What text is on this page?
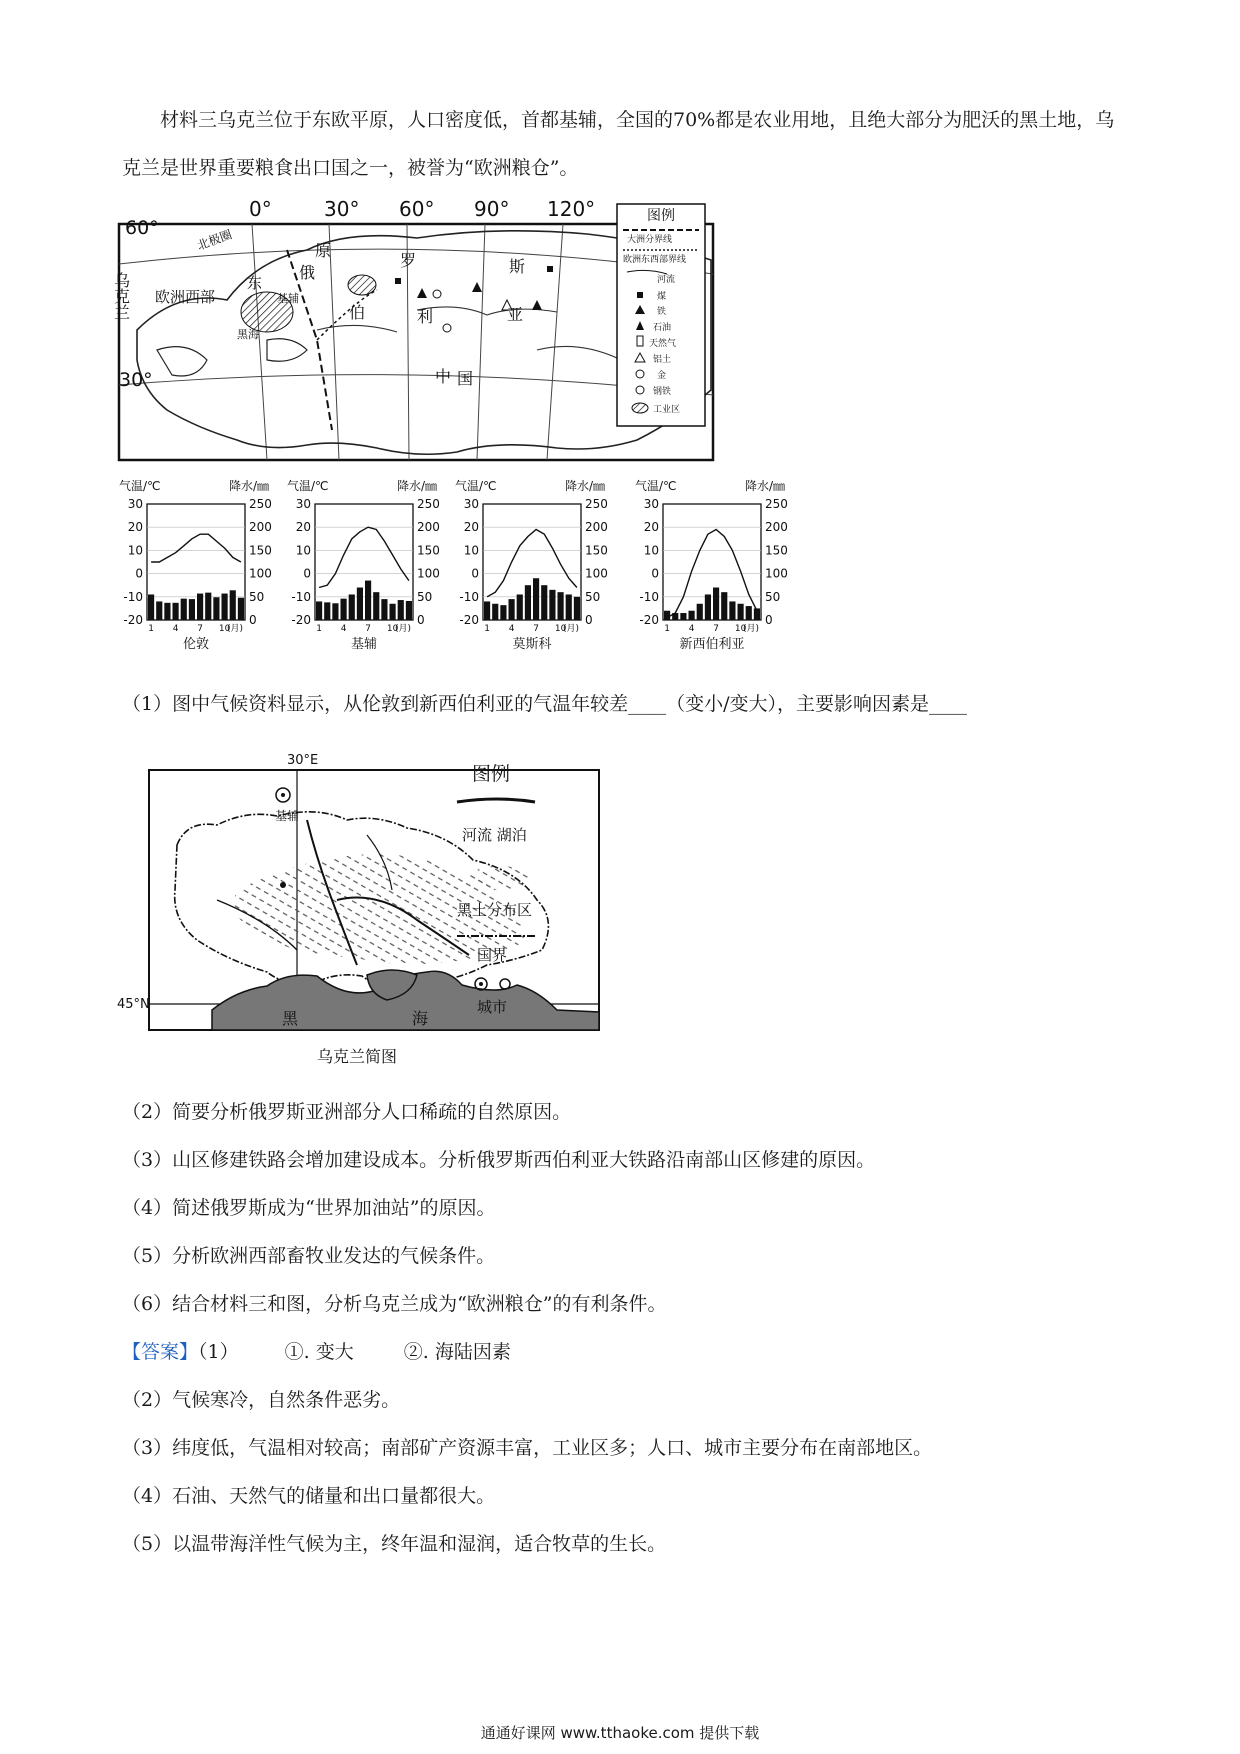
材料三乌克兰位于东欧平原，人口密度低，首都基辅，全国的70%都是农业用地，且绝大部分为肥沃的黑土地，乌克兰是世界重要粮食出口国之一，被誉为“欧洲粮仓”。
0°	30° 60° 90° 120°
60°
30°
北极圈
乌克兰 欧洲西部
东
原
俄
罗	斯
伯	利	亚
中 国
黑海
基辅
图例
大洲分界线
欧洲东西部界线
河流
煤
铁
石油
天然气
铝土
金
钢铁
工业区
气温/℃	降水/㎜
30
20
10
0
-10
-20
250
200
150
100
50
0
1 4 7 10
(月)
伦敦
气温/℃	降水/㎜
30
20
10
0
-10
-20
250
200
150
100
50
0
1 4 7 10
(月)
基辅
气温/℃	降水/㎜
30
20
10
0
-10
-20
250
200
150
100
50
0
1 4 7 10
(月)
莫斯科
气温/℃	降水/㎜
30
20
10
0
-10
-20
250
200
150
100
50
0
1 4 7 10
(月)
新西伯利亚
（1）图中气候资料显示，从伦敦到新西伯利亚的气温年较差____（变小/变大），主要影响因素是____
30°E
45°N
黑	海
基辅
乌克兰简图
图例
河流 湖泊
黑土分布区
国界
城市
（2）简要分析俄罗斯亚洲部分人口稀疏的自然原因。
（3）山区修建铁路会增加建设成本。分析俄罗斯西伯利亚大铁路沿南部山区修建的原因。
（4）简述俄罗斯成为“世界加油站”的原因。
（5）分析欧洲西部畜牧业发达的气候条件。
（6）结合材料三和图，分析乌克兰成为“欧洲粮仓”的有利条件。
【答案】（1） ①. 变大	②. 海陆因素
（2）气候寒冷，自然条件恶劣。
（3）纬度低，气温相对较高；南部矿产资源丰富，工业区多；人口、城市主要分布在南部地区。
（4）石油、天然气的储量和出口量都很大。
（5）以温带海洋性气候为主，终年温和湿润，适合牧草的生长。
通通好课网 www.tthaoke.com 提供下载
